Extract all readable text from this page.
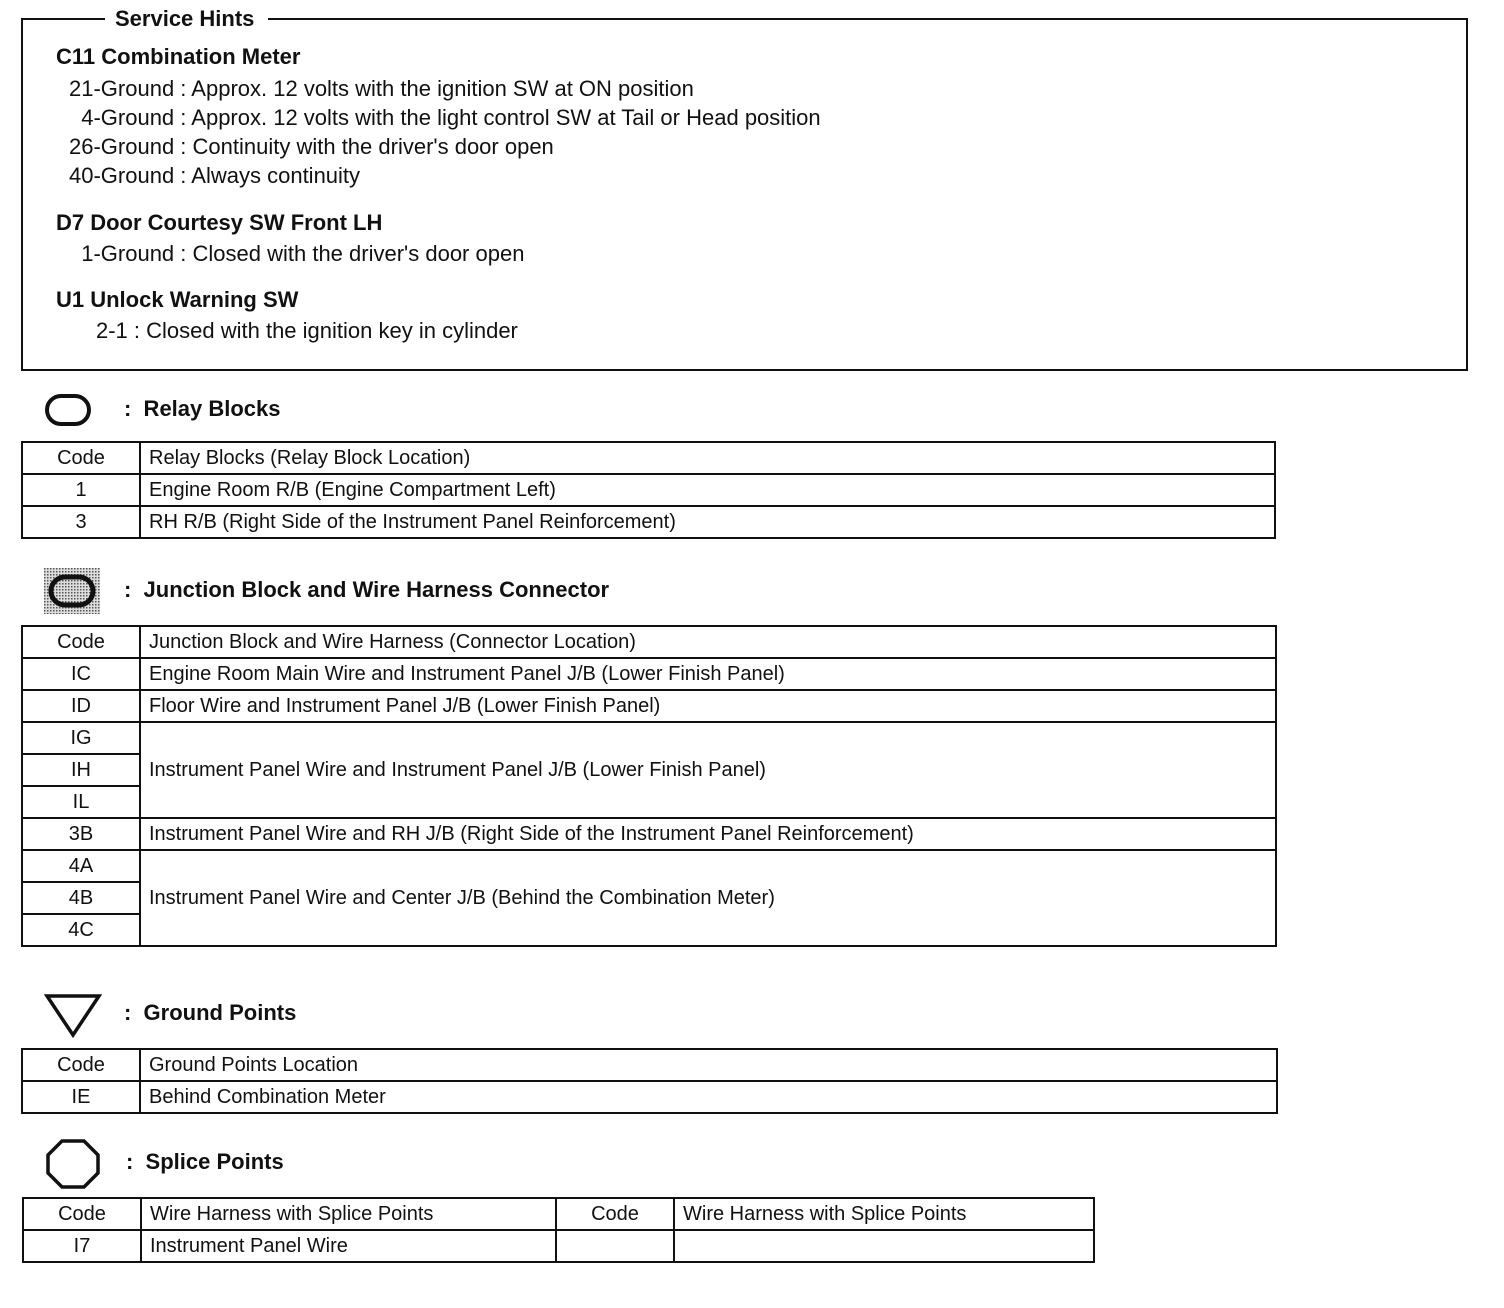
Service Hints
C11 Combination Meter
21-Ground : Approx. 12 volts with the ignition SW at ON position
4-Ground : Approx. 12 volts with the light control SW at Tail or Head position
26-Ground : Continuity with the driver's door open
40-Ground : Always continuity
D7 Door Courtesy SW Front LH
1-Ground : Closed with the driver's door open
U1 Unlock Warning SW
2-1 : Closed with the ignition key in cylinder
:  Relay Blocks
Code	Relay Blocks (Relay Block Location)
1	Engine Room R/B (Engine Compartment Left)
3	RH R/B (Right Side of the Instrument Panel Reinforcement)
:  Junction Block and Wire Harness Connector
Code	Junction Block and Wire Harness (Connector Location)
IC	Engine Room Main Wire and Instrument Panel J/B (Lower Finish Panel)
ID	Floor Wire and Instrument Panel J/B (Lower Finish Panel)
IG	Instrument Panel Wire and Instrument Panel J/B (Lower Finish Panel)
IH	
IL	
3B	Instrument Panel Wire and RH J/B (Right Side of the Instrument Panel Reinforcement)
4A	Instrument Panel Wire and Center J/B (Behind the Combination Meter)
4B	
4C	
:  Ground Points
Code	Ground Points Location
IE	Behind Combination Meter
:  Splice Points
Code	Wire Harness with Splice Points	Code	Wire Harness with Splice Points
I7	Instrument Panel Wire		
